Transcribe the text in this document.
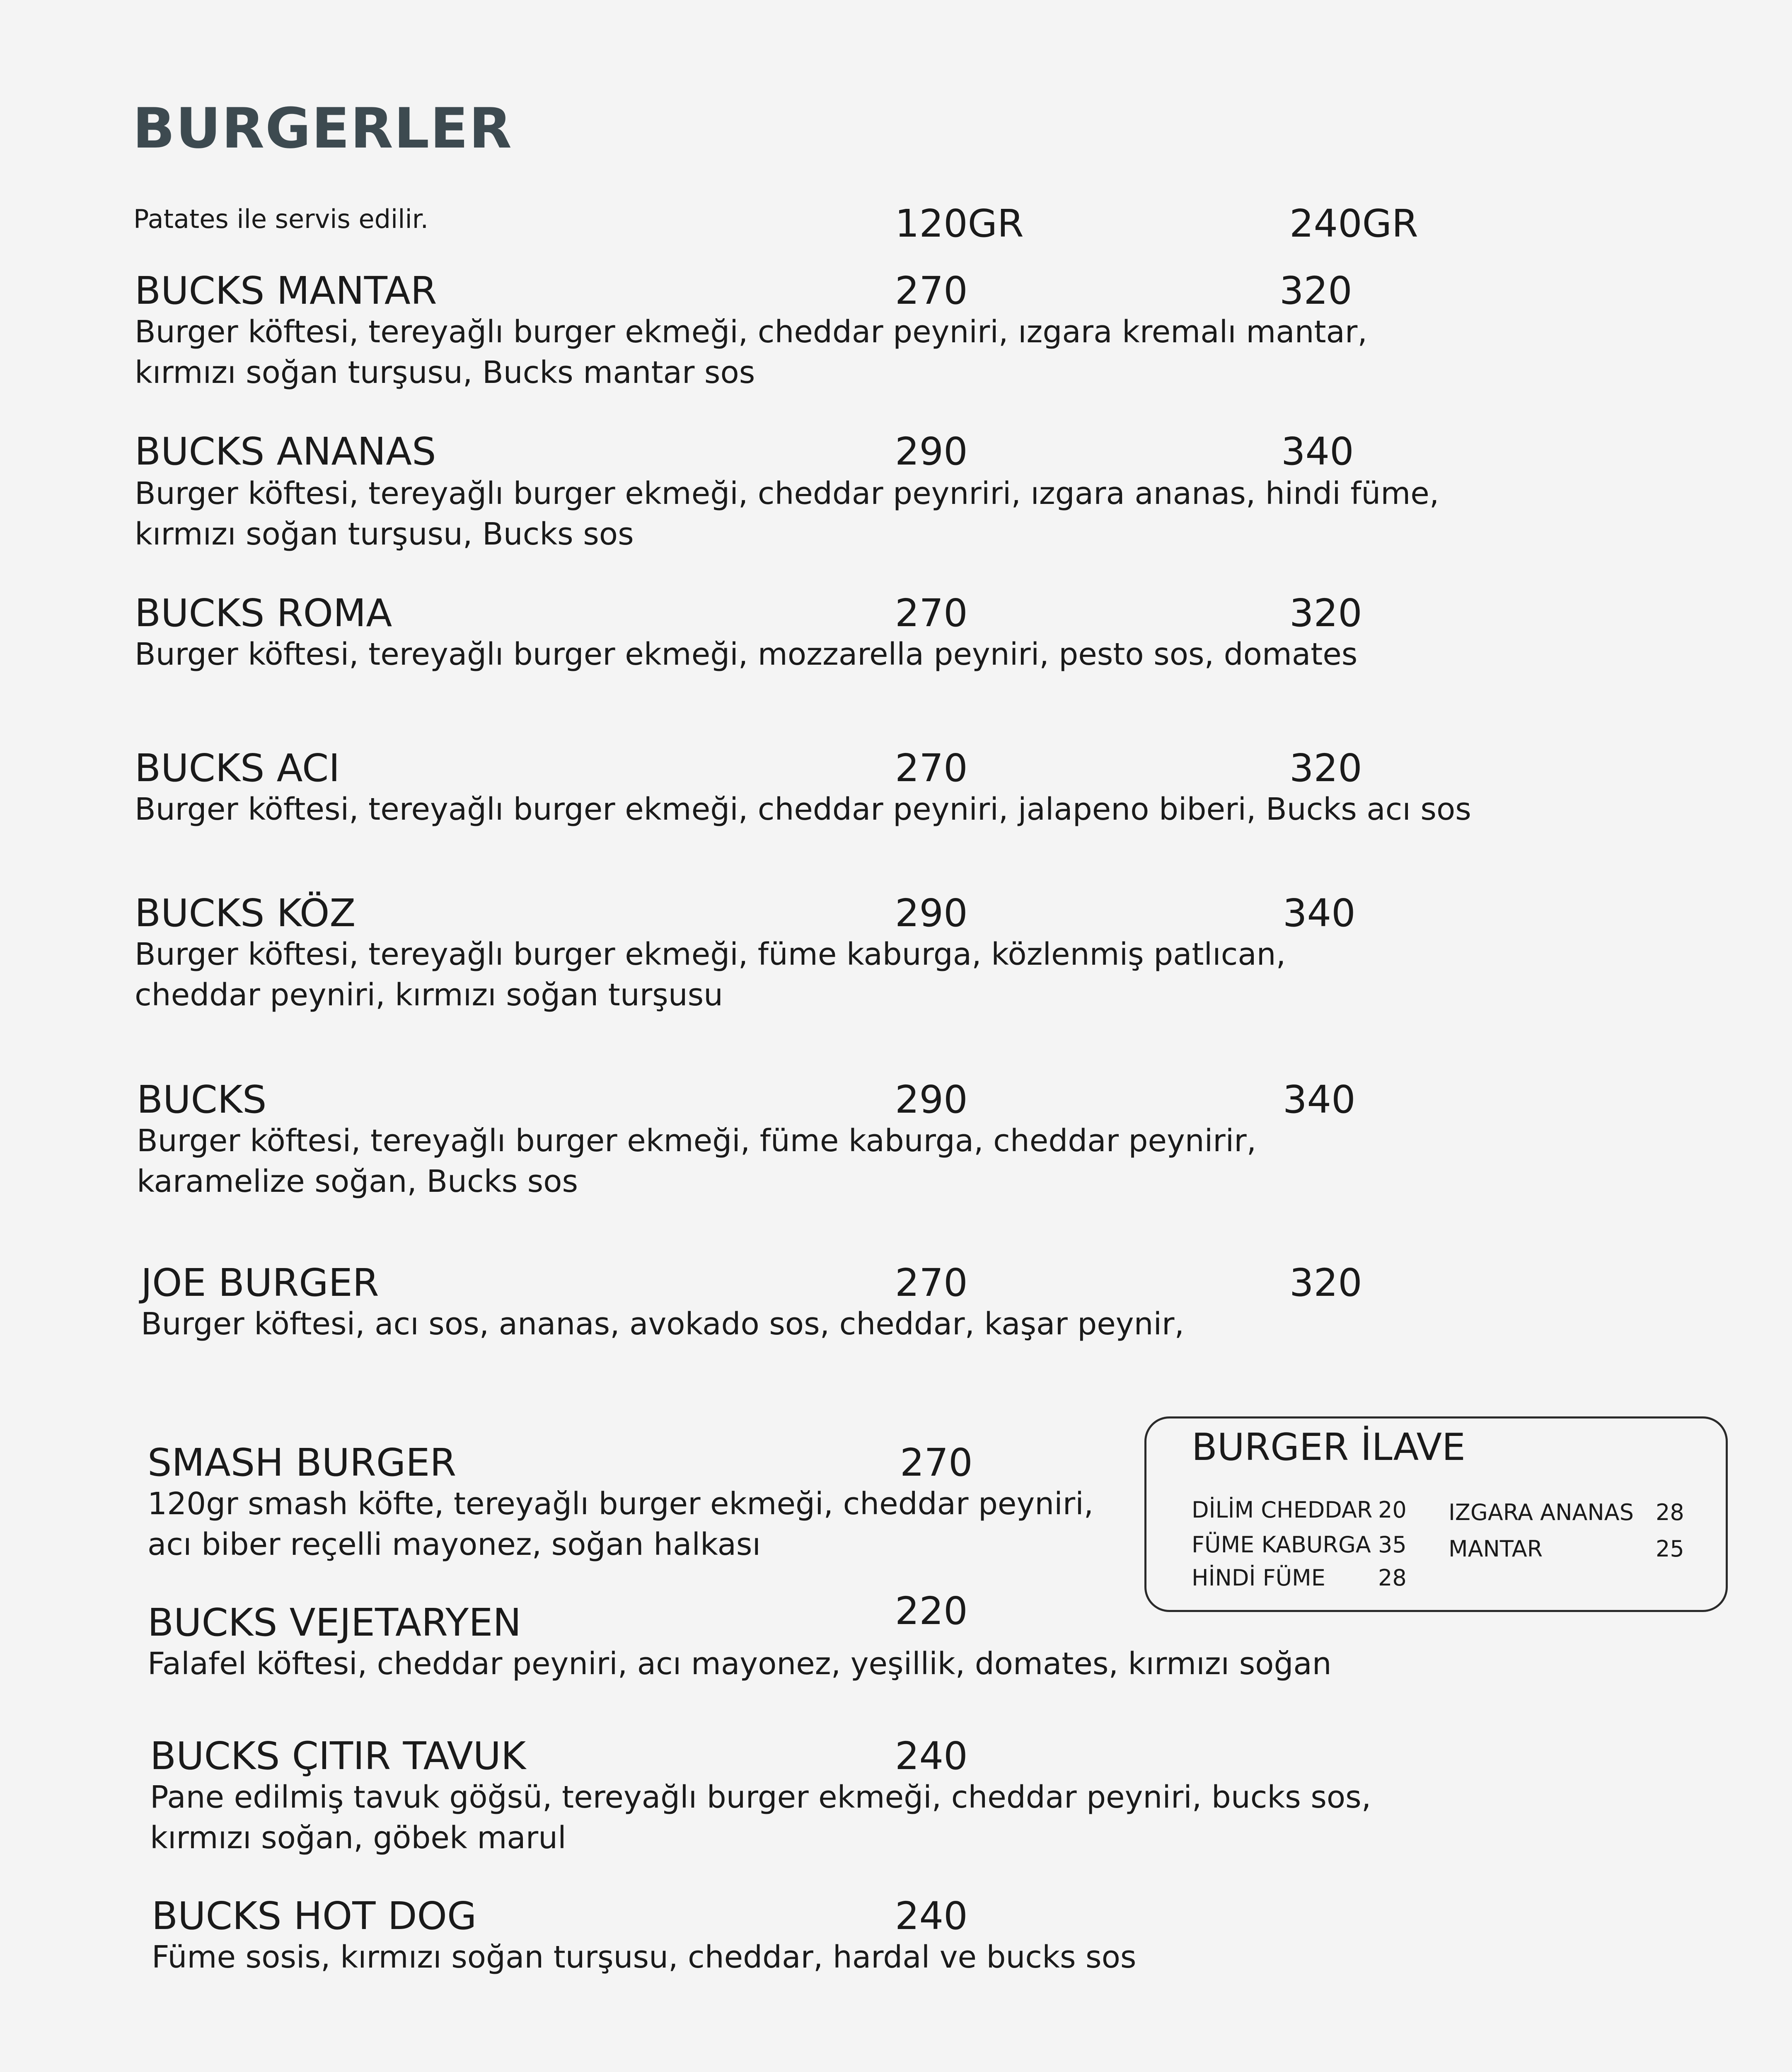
BURGERLER
Patates ile servis edilir.	120GR	240GR
BUCKS MANTAR	270	320
Burger köftesi, tereyağlı burger ekmeği, cheddar peyniri, ızgara kremalı mantar, kırmızı soğan turşusu, Bucks mantar sos
BUCKS ANANAS	290	340
Burger köftesi, tereyağlı burger ekmeği, cheddar peynriri, ızgara ananas, hindi füme, kırmızı soğan turşusu, Bucks sos
BUCKS ROMA	270	320
Burger köftesi, tereyağlı burger ekmeği, mozzarella peyniri, pesto sos, domates
BUCKS ACI	270	320
Burger köftesi, tereyağlı burger ekmeği, cheddar peyniri, jalapeno biberi, Bucks acı sos
BUCKS KÖZ	290	340
Burger köftesi, tereyağlı burger ekmeği, füme kaburga, közlenmiş patlıcan, cheddar peyniri, kırmızı soğan turşusu
BUCKS	290	340
Burger köftesi, tereyağlı burger ekmeği, füme kaburga, cheddar peynirir, karamelize soğan, Bucks sos
JOE BURGER	270	320
Burger köftesi, acı sos, ananas, avokado sos, cheddar, kaşar peynir,
SMASH BURGER	270
120gr smash köfte, tereyağlı burger ekmeği, cheddar peyniri, acı biber reçelli mayonez, soğan halkası
BUCKS VEJETARYEN	220
Falafel köftesi, cheddar peyniri, acı mayonez, yeşillik, domates, kırmızı soğan
BUCKS ÇITIR TAVUK	240
Pane edilmiş tavuk göğsü, tereyağlı burger ekmeği, cheddar peyniri, bucks sos, kırmızı soğan, göbek marul
BUCKS HOT DOG	240
Füme sosis, kırmızı soğan turşusu, cheddar, hardal ve bucks sos
BURGER İLAVE
DİLİM CHEDDAR 20
FÜME KABURGA 35
HİNDİ FÜME 28
IZGARA ANANAS 28
MANTAR	25
